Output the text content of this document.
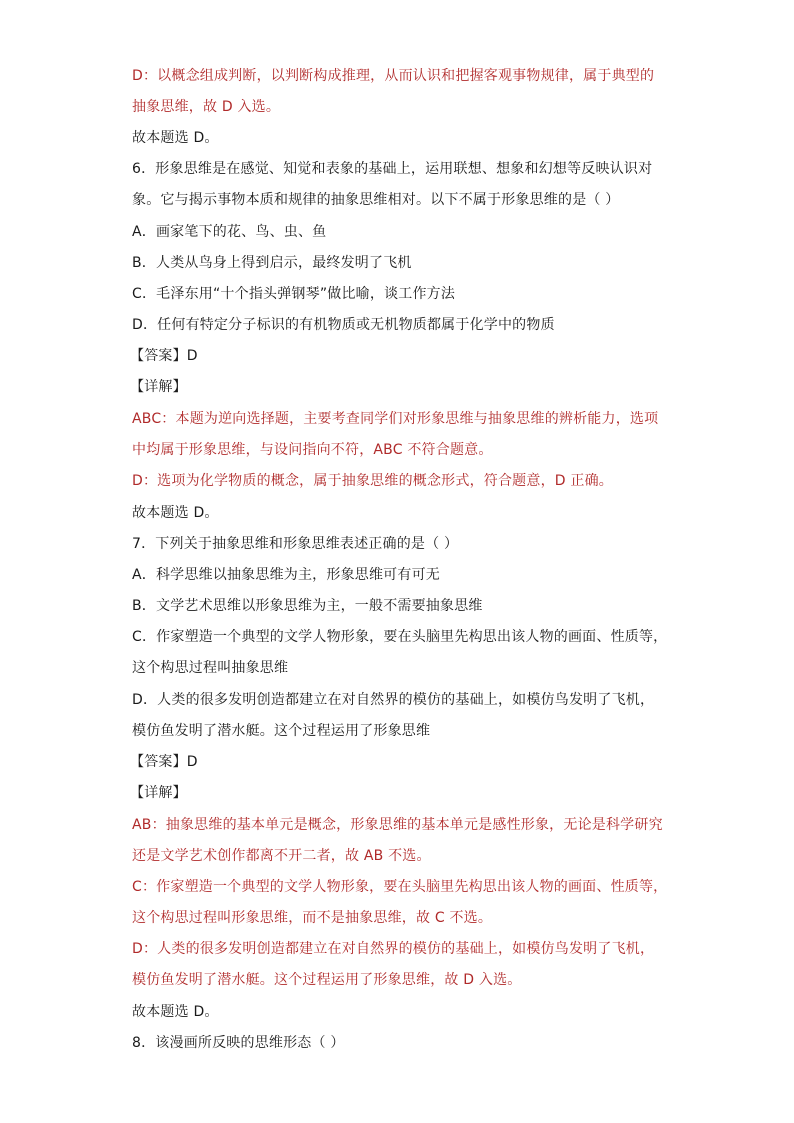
D：以概念组成判断，以判断构成推理，从而认识和把握客观事物规律，属于典型的
抽象思维，故 D 入选。
故本题选 D。
6．形象思维是在感觉、知觉和表象的基础上，运用联想、想象和幻想等反映认识对
象。它与揭示事物本质和规律的抽象思维相对。以下不属于形象思维的是（ ）
A．画家笔下的花、鸟、虫、鱼
B．人类从鸟身上得到启示，最终发明了飞机
C．毛泽东用“十个指头弹钢琴”做比喻，谈工作方法
D．任何有特定分子标识的有机物质或无机物质都属于化学中的物质
【答案】D
【详解】
ABC：本题为逆向选择题，主要考查同学们对形象思维与抽象思维的辨析能力，选项
中均属于形象思维，与设问指向不符，ABC 不符合题意。
D：选项为化学物质的概念，属于抽象思维的概念形式，符合题意，D 正确。
故本题选 D。
7．下列关于抽象思维和形象思维表述正确的是（ ）
A．科学思维以抽象思维为主，形象思维可有可无
B．文学艺术思维以形象思维为主，一般不需要抽象思维
C．作家塑造一个典型的文学人物形象，要在头脑里先构思出该人物的画面、性质等，
这个构思过程叫抽象思维
D．人类的很多发明创造都建立在对自然界的模仿的基础上，如模仿鸟发明了飞机，
模仿鱼发明了潜水艇。这个过程运用了形象思维
【答案】D
【详解】
AB：抽象思维的基本单元是概念，形象思维的基本单元是感性形象，无论是科学研究
还是文学艺术创作都离不开二者，故 AB 不选。
C：作家塑造一个典型的文学人物形象，要在头脑里先构思出该人物的画面、性质等，
这个构思过程叫形象思维，而不是抽象思维，故 C 不选。
D：人类的很多发明创造都建立在对自然界的模仿的基础上，如模仿鸟发明了飞机，
模仿鱼发明了潜水艇。这个过程运用了形象思维，故 D 入选。
故本题选 D。
8．该漫画所反映的思维形态（ ）
